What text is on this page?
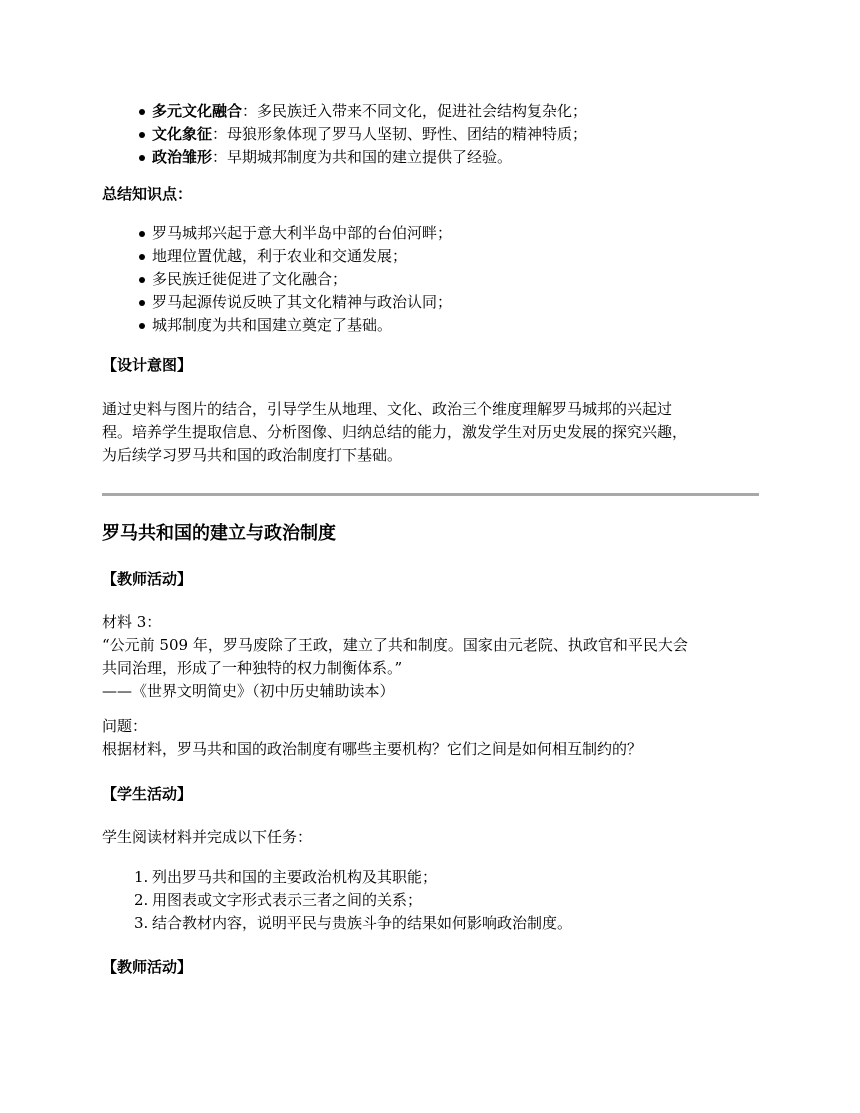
多元文化融合：多民族迁入带来不同文化，促进社会结构复杂化；
文化象征：母狼形象体现了罗马人坚韧、野性、团结的精神特质；
政治雏形：早期城邦制度为共和国的建立提供了经验。

总结知识点：

罗马城邦兴起于意大利半岛中部的台伯河畔；
地理位置优越，利于农业和交通发展；
多民族迁徙促进了文化融合；
罗马起源传说反映了其文化精神与政治认同；
城邦制度为共和国建立奠定了基础。

【设计意图】

通过史料与图片的结合，引导学生从地理、文化、政治三个维度理解罗马城邦的兴起过

程。培养学生提取信息、分析图像、归纳总结的能力，激发学生对历史发展的探究兴趣，

为后续学习罗马共和国的政治制度打下基础。

罗马共和国的建立与政治制度

【教师活动】

材料 3：

“公元前 509 年，罗马废除了王政，建立了共和制度。国家由元老院、执政官和平民大会

共同治理，形成了一种独特的权力制衡体系。”

——《世界文明简史》（初中历史辅助读本）

问题：

根据材料，罗马共和国的政治制度有哪些主要机构？它们之间是如何相互制约的？

【学生活动】

学生阅读材料并完成以下任务：

1. 列出罗马共和国的主要政治机构及其职能；
2. 用图表或文字形式表示三者之间的关系；
3. 结合教材内容，说明平民与贵族斗争的结果如何影响政治制度。

【教师活动】
